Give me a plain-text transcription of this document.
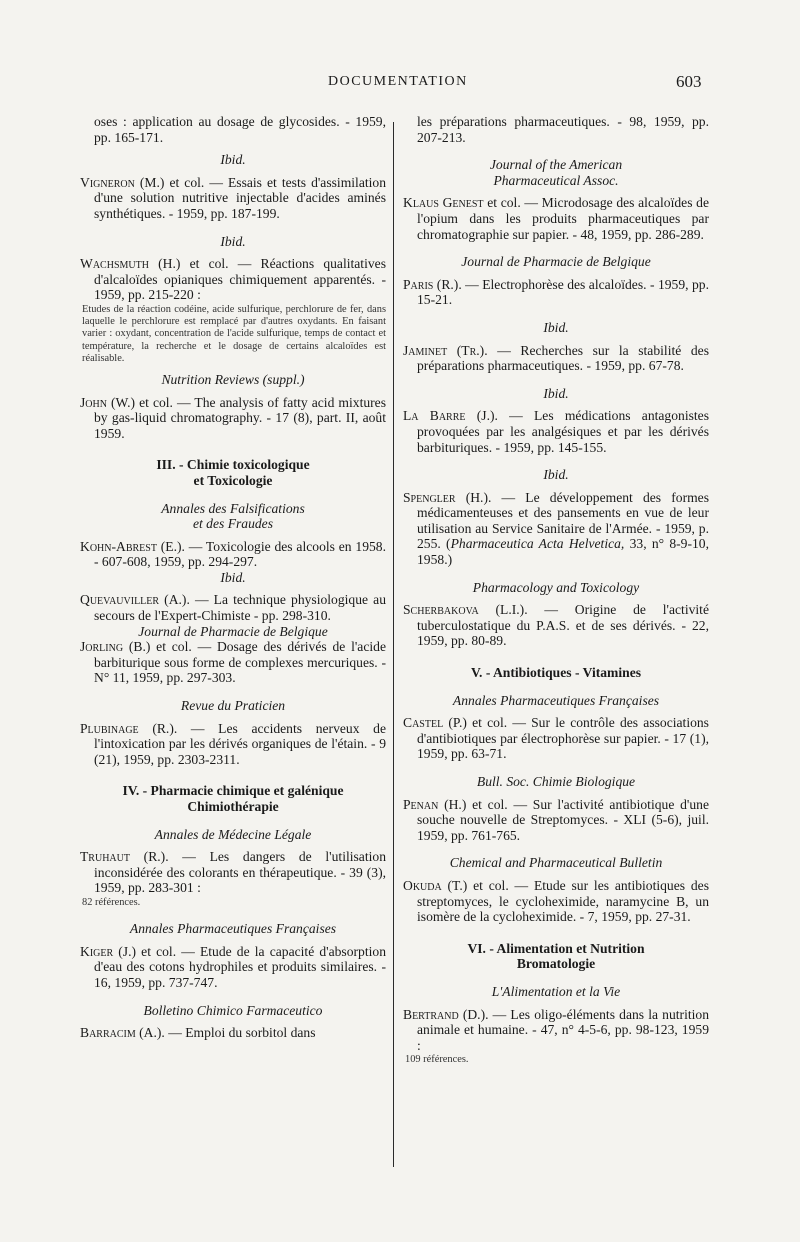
DOCUMENTATION	603

oses : application au dosage de glycosides. - 1959, pp. 165-171.

Ibid.

Vigneron (M.) et col. — Essais et tests d'assimilation d'une solution nutritive injectable d'acides aminés synthétiques. - 1959, pp. 187-199.

Ibid.

Wachsmuth (H.) et col. — Réactions qualitatives d'alcaloïdes opianiques chimiquement apparentés. - 1959, pp. 215-220 :

Etudes de la réaction codéine, acide sulfurique, perchlorure de fer, dans laquelle le perchlorure est remplacé par d'autres oxydants. En faisant varier : oxydant, concentration de l'acide sulfurique, temps de contact et température, la recherche et le dosage de certains alcaloïdes est réalisable.

Nutrition Reviews (suppl.)

John (W.) et col. — The analysis of fatty acid mixtures by gas-liquid chromatography. - 17 (8), part. II, août 1959.

III. - Chimie toxicologique
et Toxicologie

Annales des Falsifications
et des Fraudes

Kohn-Abrest (E.). — Toxicologie des alcools en 1958. - 607-608, 1959, pp. 294-297.

Ibid.

Quevauviller (A.). — La technique physiologique au secours de l'Expert-Chimiste - pp. 298-310.

Journal de Pharmacie de Belgique

Jorling (B.) et col. — Dosage des dérivés de l'acide barbiturique sous forme de complexes mercuriques. - N° 11, 1959, pp. 297-303.

Revue du Praticien

Plubinage (R.). — Les accidents nerveux de l'intoxication par les dérivés organiques de l'étain. - 9 (21), 1959, pp. 2303-2311.

IV. - Pharmacie chimique et galénique
Chimiothérapie

Annales de Médecine Légale

Truhaut (R.). — Les dangers de l'utilisation inconsidérée des colorants en thérapeutique. - 39 (3), 1959, pp. 283-301 :

82 références.

Annales Pharmaceutiques Françaises

Kiger (J.) et col. — Etude de la capacité d'absorption d'eau des cotons hydrophiles et produits similaires. - 16, 1959, pp. 737-747.

Bolletino Chimico Farmaceutico

Barracim (A.). — Emploi du sorbitol dans

les préparations pharmaceutiques. - 98, 1959, pp. 207-213.

Journal of the American
Pharmaceutical Assoc.

Klaus Genest et col. — Microdosage des alcaloïdes de l'opium dans les produits pharmaceutiques par chromatographie sur papier. - 48, 1959, pp. 286-289.

Journal de Pharmacie de Belgique

Paris (R.). — Electrophorèse des alcaloïdes. - 1959, pp. 15-21.

Ibid.

Jaminet (Tr.). — Recherches sur la stabilité des préparations pharmaceutiques. - 1959, pp. 67-78.

Ibid.

La Barre (J.). — Les médications antagonistes provoquées par les analgésiques et par les dérivés barbituriques. - 1959, pp. 145-155.

Ibid.

Spengler (H.). — Le développement des formes médicamenteuses et des pansements en vue de leur utilisation au Service Sanitaire de l'Armée. - 1959, p. 255. (Pharmaceutica Acta Helvetica, 33, n° 8-9-10, 1958.)

Pharmacology and Toxicology

Scherbakova (L.I.). — Origine de l'activité tuberculostatique du P.A.S. et de ses dérivés. - 22, 1959, pp. 80-89.

V. - Antibiotiques - Vitamines

Annales Pharmaceutiques Françaises

Castel (P.) et col. — Sur le contrôle des associations d'antibiotiques par électrophorèse sur papier. - 17 (1), 1959, pp. 63-71.

Bull. Soc. Chimie Biologique

Penan (H.) et col. — Sur l'activité antibiotique d'une souche nouvelle de Streptomyces. - XLI (5-6), juil. 1959, pp. 761-765.

Chemical and Pharmaceutical Bulletin

Okuda (T.) et col. — Etude sur les antibiotiques des streptomyces, le cycloheximide, naramycine B, un isomère de la cycloheximide. - 7, 1959, pp. 27-31.

VI. - Alimentation et Nutrition
Bromatologie

L'Alimentation et la Vie

Bertrand (D.). — Les oligo-éléments dans la nutrition animale et humaine. - 47, n° 4-5-6, pp. 98-123, 1959 :

109 références.
